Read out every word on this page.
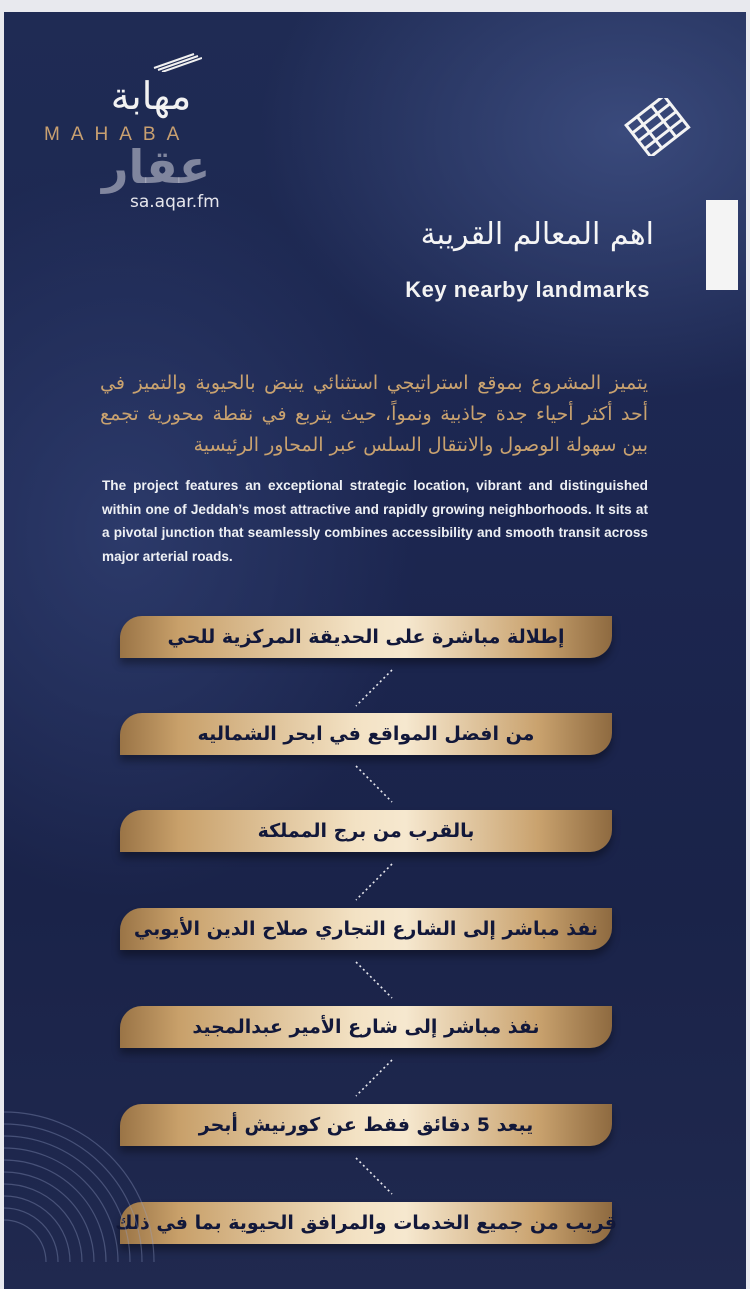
مهابة
MAHABA
عقار
sa.aqar.fm
اهم المعالم القريبة
Key nearby landmarks
يتميز المشروع بموقع استراتيجي استثنائي ينبض بالحيوية والتميز في أحد أكثر أحياء جدة جاذبية ونمواً، حيث يتربع في نقطة محورية تجمع بين سهولة الوصول والانتقال السلس عبر المحاور الرئيسية
The project features an exceptional strategic location, vibrant and distinguished within one of Jeddah’s most attractive and rapidly growing neighborhoods. It sits at a pivotal junction that seamlessly combines accessibility and smooth transit across major arterial roads.
إطلالة مباشرة على الحديقة المركزية للحي
من افضل المواقع في ابحر الشماليه
بالقرب من برج المملكة
نفذ مباشر إلى الشارع التجاري صلاح الدين الأيوبي
نفذ مباشر إلى شارع الأمير عبدالمجيد
يبعد 5 دقائق فقط عن كورنيش أبحر
قريب من جميع الخدمات والمرافق الحيوية بما في ذلك
